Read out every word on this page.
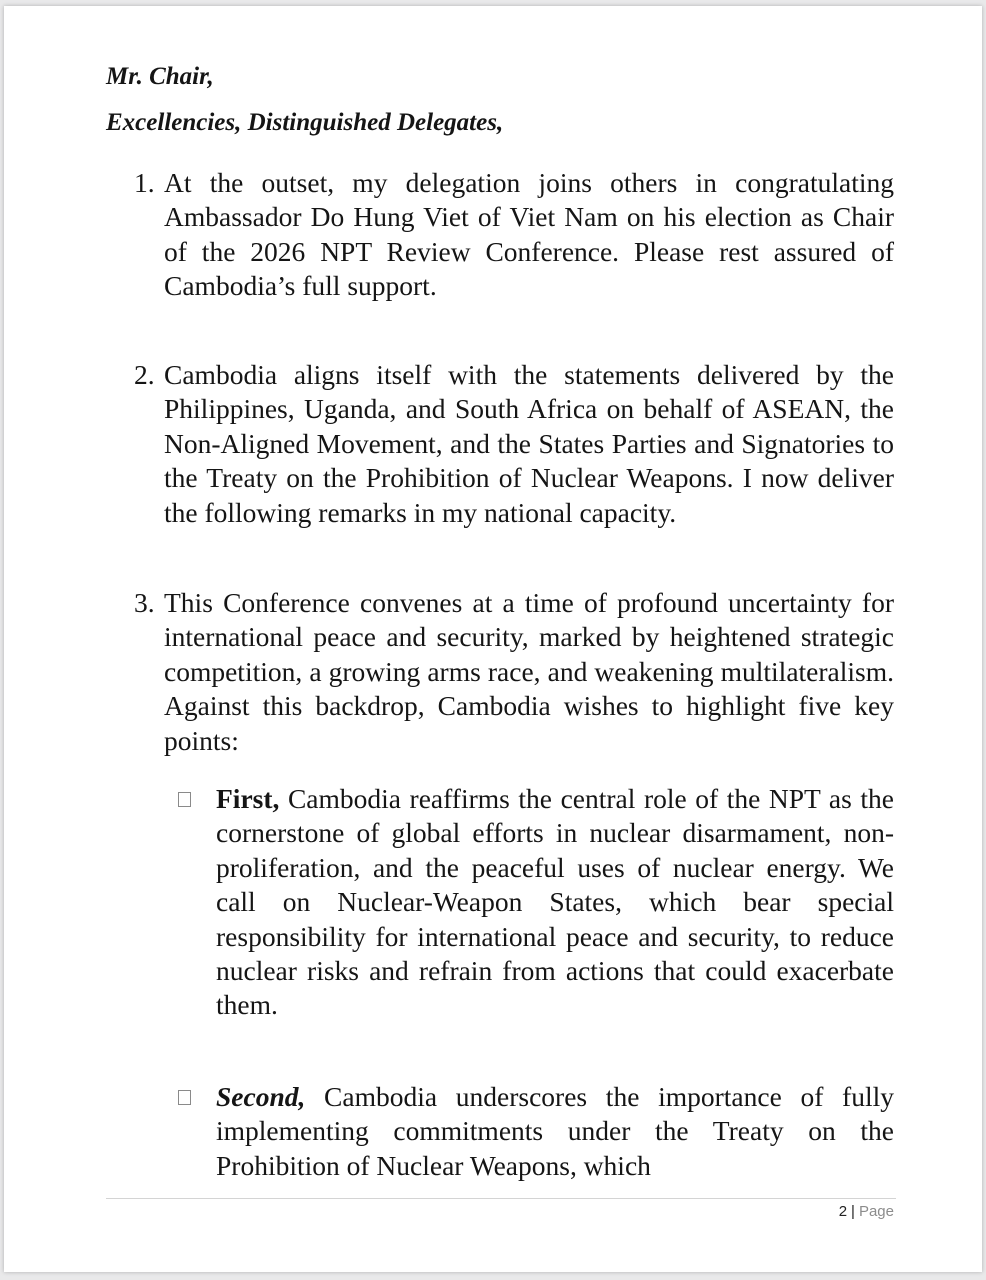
Mr. Chair,
Excellencies, Distinguished Delegates,
1. At the outset, my delegation joins others in congratulating Ambassador Do Hung Viet of Viet Nam on his election as Chair of the 2026 NPT Review Conference. Please rest assured of Cambodia’s full support.
2. Cambodia aligns itself with the statements delivered by the Philippines, Uganda, and South Africa on behalf of ASEAN, the Non-Aligned Movement, and the States Parties and Signatories to the Treaty on the Prohibition of Nuclear Weapons. I now deliver the following remarks in my national capacity.
3. This Conference convenes at a time of profound uncertainty for international peace and security, marked by heightened strategic competition, a growing arms race, and weakening multilateralism. Against this backdrop, Cambodia wishes to highlight five key points:
First, Cambodia reaffirms the central role of the NPT as the cornerstone of global efforts in nuclear disarmament, non-proliferation, and the peaceful uses of nuclear energy. We call on Nuclear-Weapon States, which bear special responsibility for international peace and security, to reduce nuclear risks and refrain from actions that could exacerbate them.
Second, Cambodia underscores the importance of fully implementing commitments under the Treaty on the Prohibition of Nuclear Weapons, which
2 | Page
